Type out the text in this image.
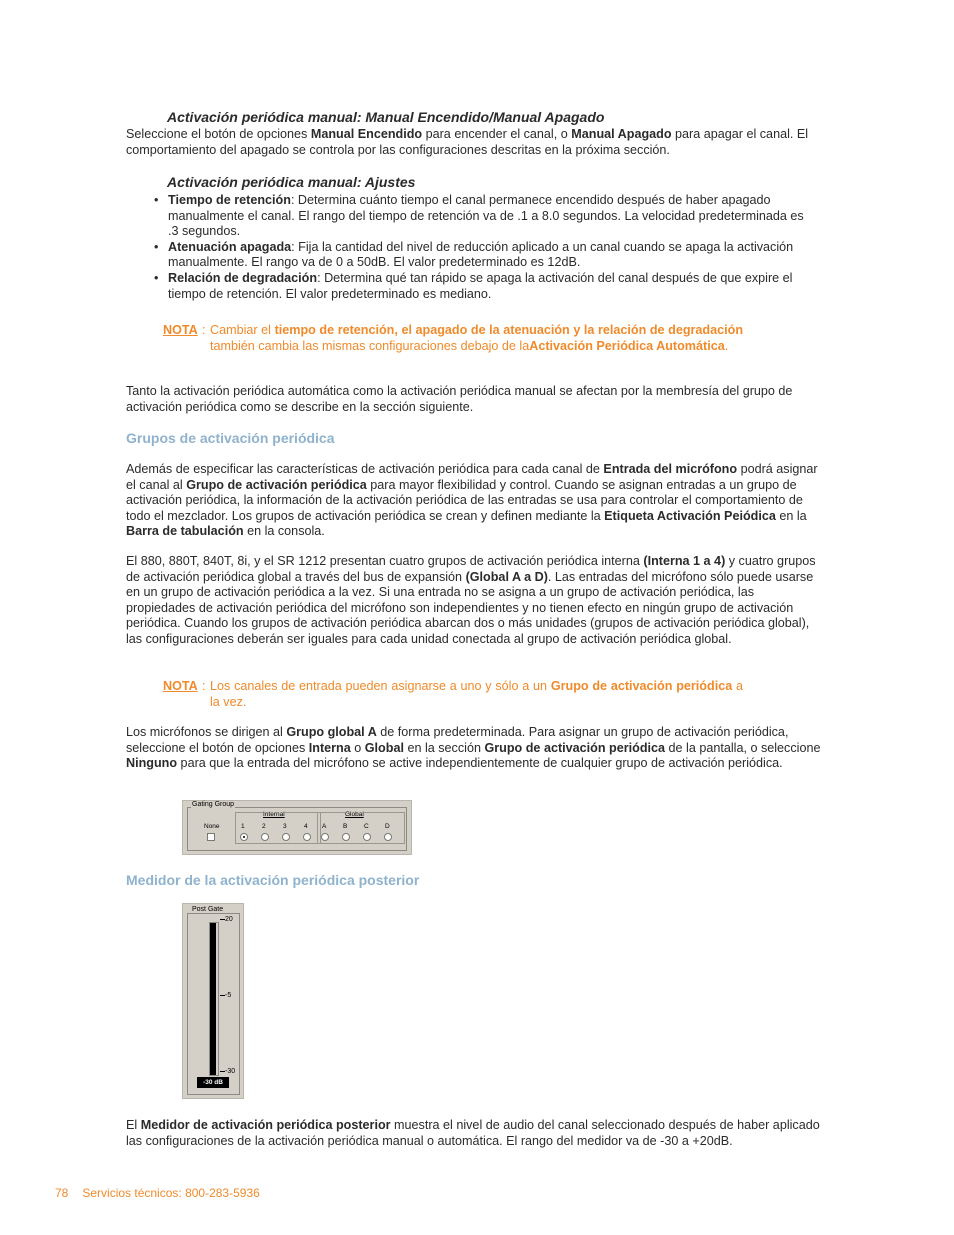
Activación periódica manual: Manual Encendido/Manual Apagado

Seleccione el botón de opciones Manual Encendido para encender el canal, o Manual Apagado para apagar el canal. El comportamiento del apagado se controla por las configuraciones descritas en la próxima sección.

Activación periódica manual: Ajustes
• Tiempo de retención: Determina cuánto tiempo el canal permanece encendido después de haber apagado manualmente el canal. El rango del tiempo de retención va de .1 a 8.0 segundos. La velocidad predeterminada es .3 segundos.
• Atenuación apagada: Fija la cantidad del nivel de reducción aplicado a un canal cuando se apaga la activación manualmente. El rango va de 0 a 50dB. El valor predeterminado es 12dB.
• Relación de degradación: Determina qué tan rápido se apaga la activación del canal después de que expire el tiempo de retención. El valor predeterminado es mediano.
NOTA : Cambiar el tiempo de retención, el apagado de la atenuación y la relación de degradación también cambia las mismas configuraciones debajo de laActivación Periódica Automática.

Tanto la activación periódica automática como la activación periódica manual se afectan por la membresía del grupo de activación periódica como se describe en la sección siguiente.

Grupos de activación periódica

Además de especificar las características de activación periódica para cada canal de Entrada del micrófono podrá asignar el canal al Grupo de activación periódica para mayor flexibilidad y control. Cuando se asignan entradas a un grupo de activación periódica, la información de la activación periódica de las entradas se usa para controlar el comportamiento de todo el mezclador. Los grupos de activación periódica se crean y definen mediante la Etiqueta Activación Peiódica en la Barra de tabulación en la consola.

El 880, 880T, 840T, 8i, y el SR 1212 presentan cuatro grupos de activación periódica interna (Interna 1 a 4) y cuatro grupos de activación periódica global a través del bus de expansión (Global A a D). Las entradas del micrófono sólo puede usarse en un grupo de activación periódica a la vez. Si una entrada no se asigna a un grupo de activación periódica, las propiedades de activación periódica del micrófono son independientes y no tienen efecto en ningún grupo de activación periódica. Cuando los grupos de activación periódica abarcan dos o más unidades (grupos de activación periódica global), las configuraciones deberán ser iguales para cada unidad conectada al grupo de activación periódica global.

NOTA : Los canales de entrada pueden asignarse a uno y sólo a un Grupo de activación periódica a la vez.

Los micrófonos se dirigen al Grupo global A de forma predeterminada. Para asignar un grupo de activación periódica, seleccione el botón de opciones Interna o Global en la sección Grupo de activación periódica de la pantalla, o seleccione Ninguno para que la entrada del micrófono se active independientemente de cualquier grupo de activación periódica.

Gating Group
None
Internal
1	2	3	4
Global
A	B	C	D
Medidor de la activación periódica posterior
Post Gate
20
-5
-30
-30 dB

El Medidor de activación periódica posterior muestra el nivel de audio del canal seleccionado después de haber aplicado las configuraciones de la activación periódica manual o automática. El rango del medidor va de -30 a +20dB.

78 Servicios técnicos: 800-283-5936
